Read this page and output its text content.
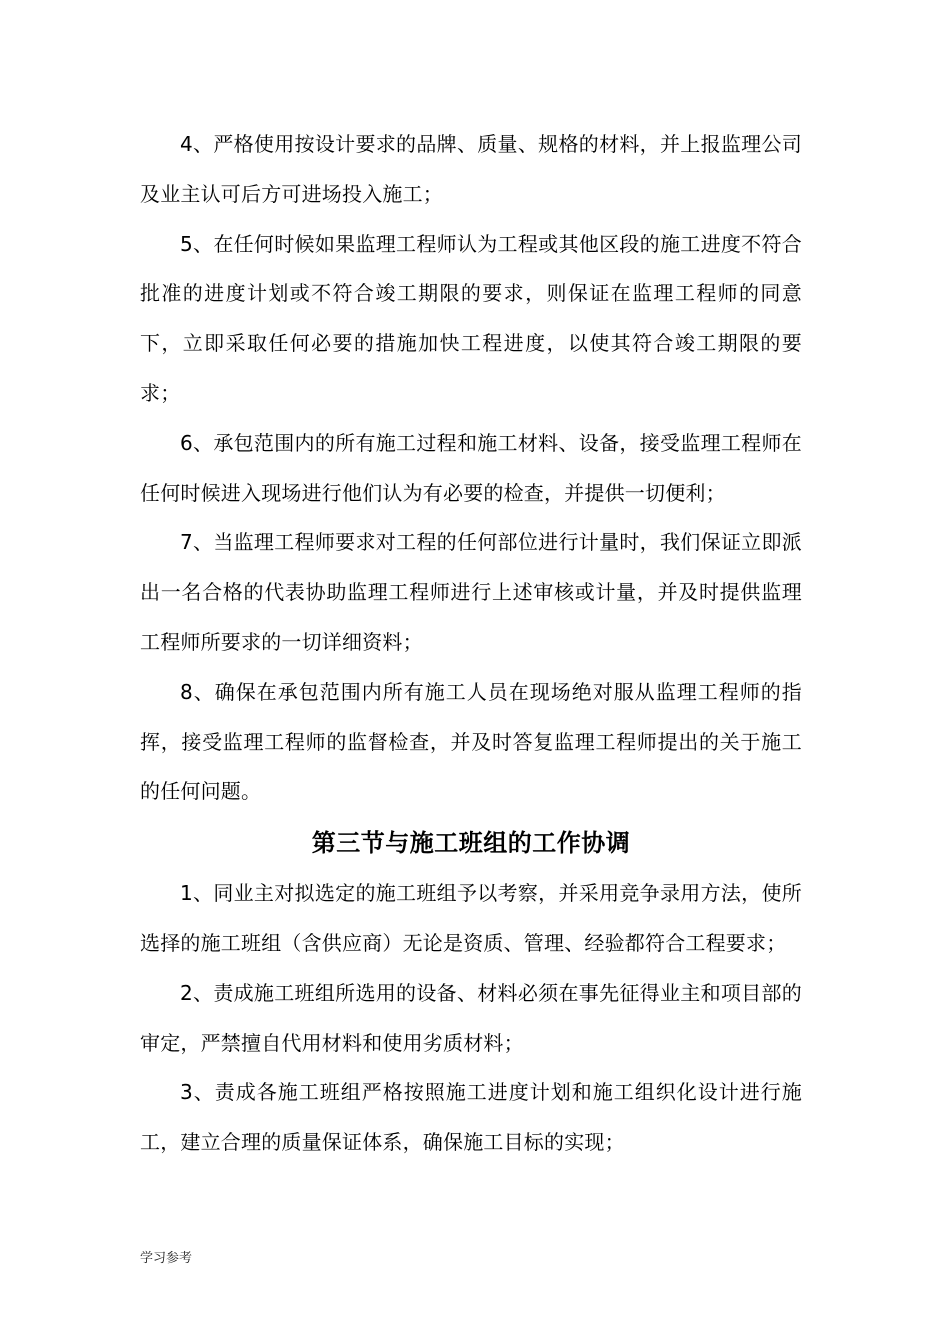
4、严格使用按设计要求的品牌、质量、规格的材料，并上报监理公司及业主认可后方可进场投入施工；

5、在任何时候如果监理工程师认为工程或其他区段的施工进度不符合批准的进度计划或不符合竣工期限的要求，则保证在监理工程师的同意下，立即采取任何必要的措施加快工程进度，以使其符合竣工期限的要求；

6、承包范围内的所有施工过程和施工材料、设备，接受监理工程师在任何时候进入现场进行他们认为有必要的检查，并提供一切便利；

7、当监理工程师要求对工程的任何部位进行计量时，我们保证立即派出一名合格的代表协助监理工程师进行上述审核或计量，并及时提供监理工程师所要求的一切详细资料；

8、确保在承包范围内所有施工人员在现场绝对服从监理工程师的指挥，接受监理工程师的监督检查，并及时答复监理工程师提出的关于施工的任何问题。

第三节与施工班组的工作协调

1、同业主对拟选定的施工班组予以考察，并采用竞争录用方法，使所选择的施工班组（含供应商）无论是资质、管理、经验都符合工程要求；

2、责成施工班组所选用的设备、材料必须在事先征得业主和项目部的审定，严禁擅自代用材料和使用劣质材料；

3、责成各施工班组严格按照施工进度计划和施工组织化设计进行施工，建立合理的质量保证体系，确保施工目标的实现；

学习参考
